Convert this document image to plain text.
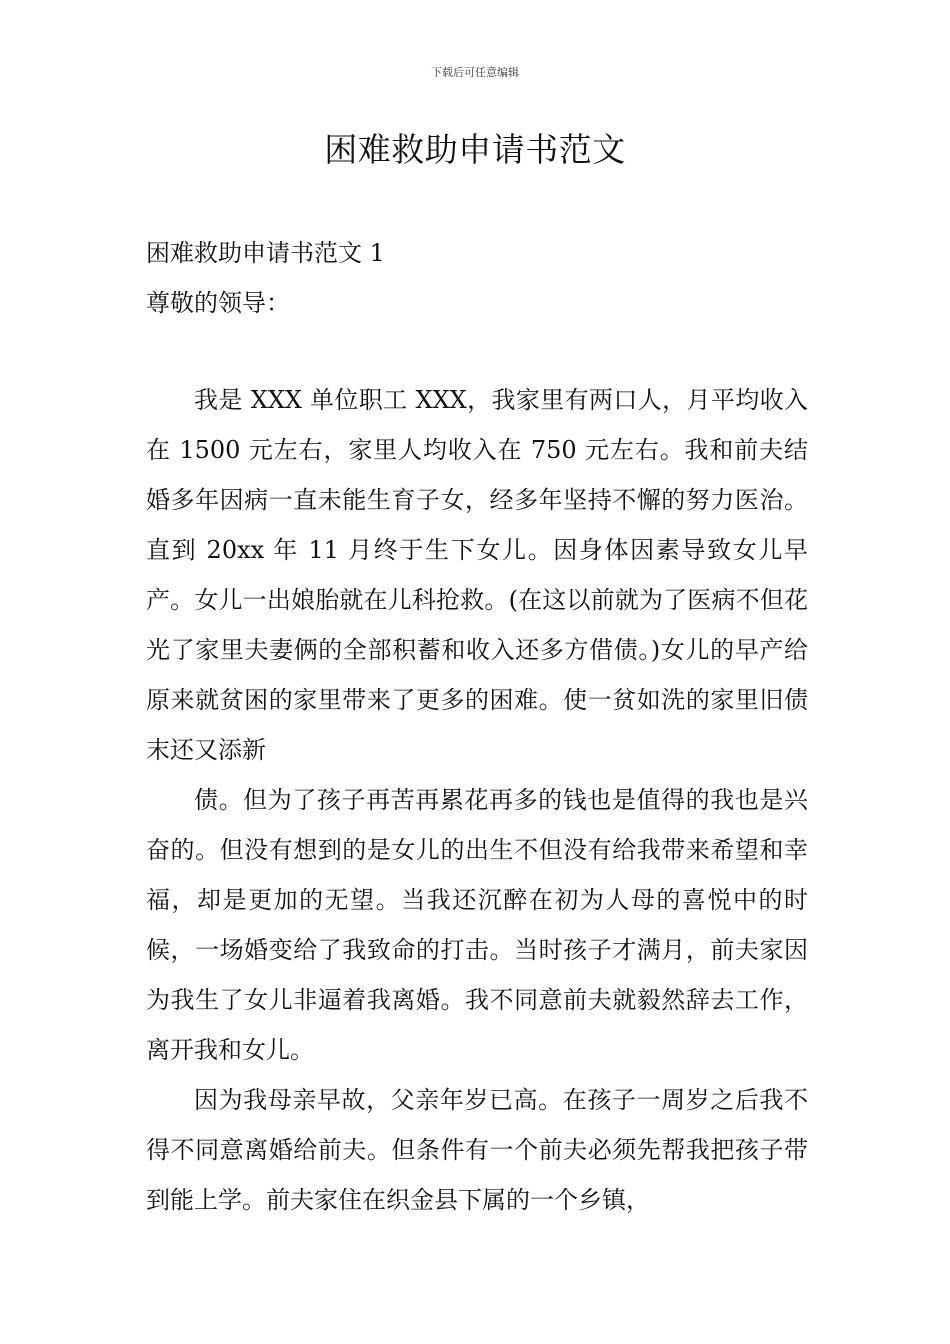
下载后可任意编辑
困难救助申请书范文

困难救助申请书范文 1

尊敬的领导：

我是 XXX 单位职工 XXX，我家里有两口人，月平均收入在 1500 元左右，家里人均收入在 750 元左右。我和前夫结婚多年因病一直未能生育子女，经多年坚持不懈的努力医治。直到 20xx 年 11 月终于生下女儿。因身体因素导致女儿早产。女儿一出娘胎就在儿科抢救。(在这以前就为了医病不但花光了家里夫妻俩的全部积蓄和收入还多方借债。)女儿的早产给原来就贫困的家里带来了更多的困难。使一贫如洗的家里旧债末还又添新

债。但为了孩子再苦再累花再多的钱也是值得的我也是兴奋的。但没有想到的是女儿的出生不但没有给我带来希望和幸福，却是更加的无望。当我还沉醉在初为人母的喜悦中的时候，一场婚变给了我致命的打击。当时孩子才满月，前夫家因为我生了女儿非逼着我离婚。我不同意前夫就毅然辞去工作，离开我和女儿。

因为我母亲早故，父亲年岁已高。在孩子一周岁之后我不得不同意离婚给前夫。但条件有一个前夫必须先帮我把孩子带到能上学。前夫家住在织金县下属的一个乡镇，
